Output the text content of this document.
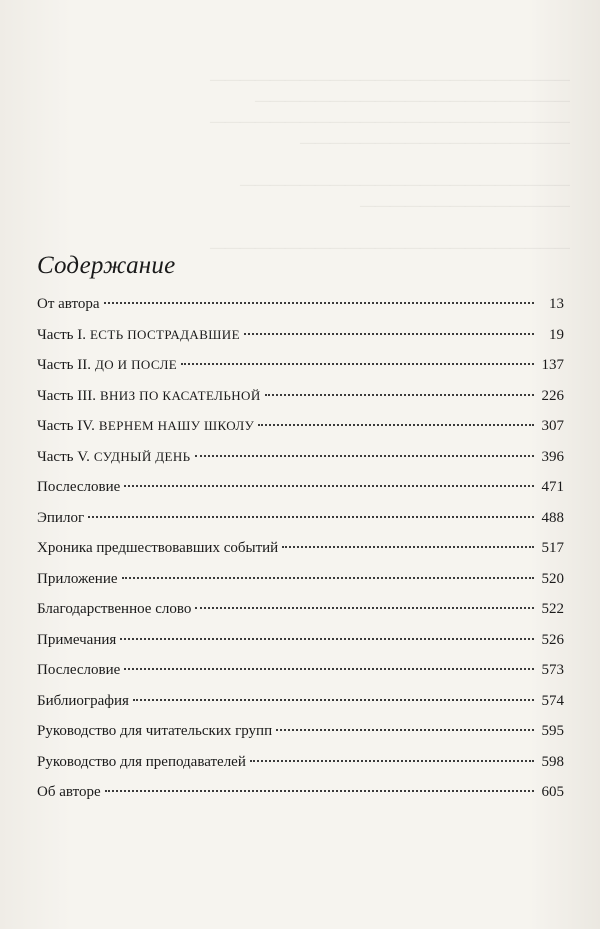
————————————————————————
—————————————————————
————————————————————————
——————————————————
——————————————————————
——————————————
————————————————————————
Содержание
От автора	13
Часть I. ЕСТЬ ПОСТРАДАВШИЕ	19
Часть II. ДО И ПОСЛЕ	137
Часть III. ВНИЗ ПО КАСАТЕЛЬНОЙ	226
Часть IV. ВЕРНЕМ НАШУ ШКОЛУ	307
Часть V. СУДНЫЙ ДЕНЬ	396
Послесловие	471
Эпилог	488
Хроника предшествовавших событий	517
Приложение	520
Благодарственное слово	522
Примечания	526
Послесловие	573
Библиография	574
Руководство для читательских групп	595
Руководство для преподавателей	598
Об авторе	605
